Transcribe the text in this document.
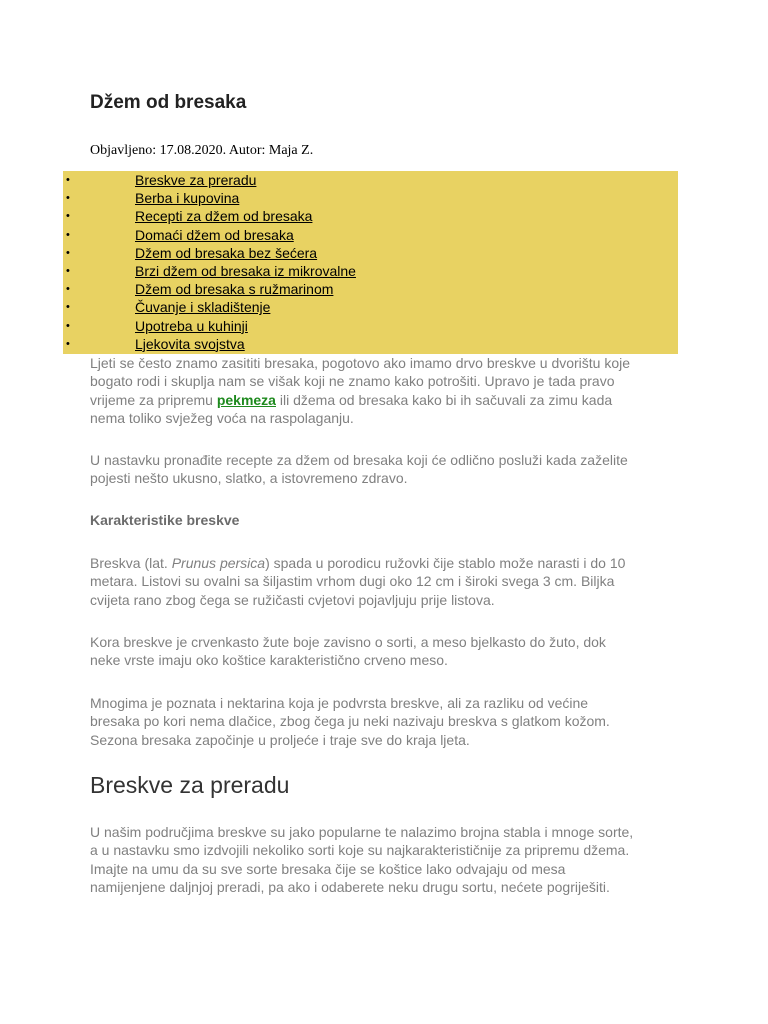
Džem od bresaka

Objavljeno: 17.08.2020. Autor: Maja Z.

•	Breskve za preradu
•	Berba i kupovina
•	Recepti za džem od bresaka
•	Domaći džem od bresaka
•	Džem od bresaka bez šećera
•	Brzi džem od bresaka iz mikrovalne
•	Džem od bresaka s ružmarinom
•	Čuvanje i skladištenje
•	Upotreba u kuhinji
•	Ljekovita svojstva

Ljeti se često znamo zasititi bresaka, pogotovo ako imamo drvo breskve u dvorištu koje
bogato rodi i skuplja nam se višak koji ne znamo kako potrošiti. Upravo je tada pravo
vrijeme za pripremu pekmeza ili džema od bresaka kako bi ih sačuvali za zimu kada
nema toliko svježeg voća na raspolaganju.

U nastavku pronađite recepte za džem od bresaka koji će odlično posluži kada zaželite
pojesti nešto ukusno, slatko, a istovremeno zdravo.

Karakteristike breskve

Breskva (lat. Prunus persica) spada u porodicu ružovki čije stablo može narasti i do 10
metara. Listovi su ovalni sa šiljastim vrhom dugi oko 12 cm i široki svega 3 cm. Biljka
cvijeta rano zbog čega se ružičasti cvjetovi pojavljuju prije listova.

Kora breskve je crvenkasto žute boje zavisno o sorti, a meso bjelkasto do žuto, dok
neke vrste imaju oko koštice karakteristično crveno meso.

Mnogima je poznata i nektarina koja je podvrsta breskve, ali za razliku od većine
bresaka po kori nema dlačice, zbog čega ju neki nazivaju breskva s glatkom kožom.
Sezona bresaka započinje u proljeće i traje sve do kraja ljeta.

Breskve za preradu

U našim područjima breskve su jako popularne te nalazimo brojna stabla i mnoge sorte,
a u nastavku smo izdvojili nekoliko sorti koje su najkarakterističnije za pripremu džema.
Imajte na umu da su sve sorte bresaka čije se koštice lako odvajaju od mesa
namijenjene daljnjoj preradi, pa ako i odaberete neku drugu sortu, nećete pogriješiti.
